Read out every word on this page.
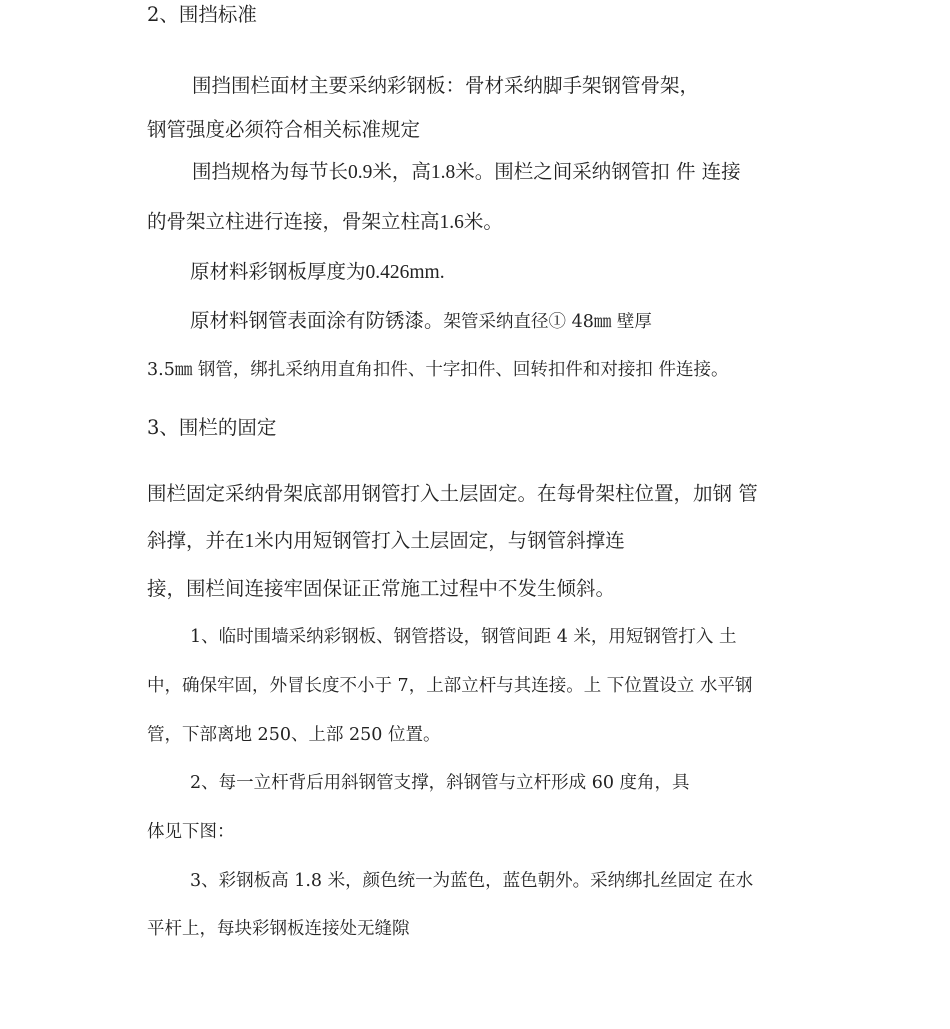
2、围挡标准
围挡围栏面材主要采纳彩钢板：骨材采纳脚手架钢管骨架，
钢管强度必须符合相关标准规定
围挡规格为每节长0.9米，高1.8米。围栏之间采纳钢管扣 件 连接
的骨架立柱进行连接，骨架立柱高1.6米。
原材料彩钢板厚度为0.426mm.
原材料钢管表面涂有防锈漆。架管采纳直径① 48㎜ 壁厚
3.5㎜ 钢管，绑扎采纳用直角扣件、十字扣件、回转扣件和对接扣 件连接。
3、围栏的固定
围栏固定采纳骨架底部用钢管打入土层固定。在每骨架柱位置，加钢 管
斜撑，并在1米内用短钢管打入土层固定，与钢管斜撑连
接，围栏间连接牢固保证正常施工过程中不发生倾斜。
1、临时围墙采纳彩钢板、钢管搭设，钢管间距 4 米，用短钢管打入 土
中，确保牢固，外冒长度不小于 7，上部立杆与其连接。上 下位置设立 水平钢
管，下部离地 250、上部 250 位置。
2、每一立杆背后用斜钢管支撑，斜钢管与立杆形成 60 度角，具
体见下图：
3、彩钢板高 1.8 米，颜色统一为蓝色，蓝色朝外。采纳绑扎丝固定 在水
平杆上，每块彩钢板连接处无缝隙
